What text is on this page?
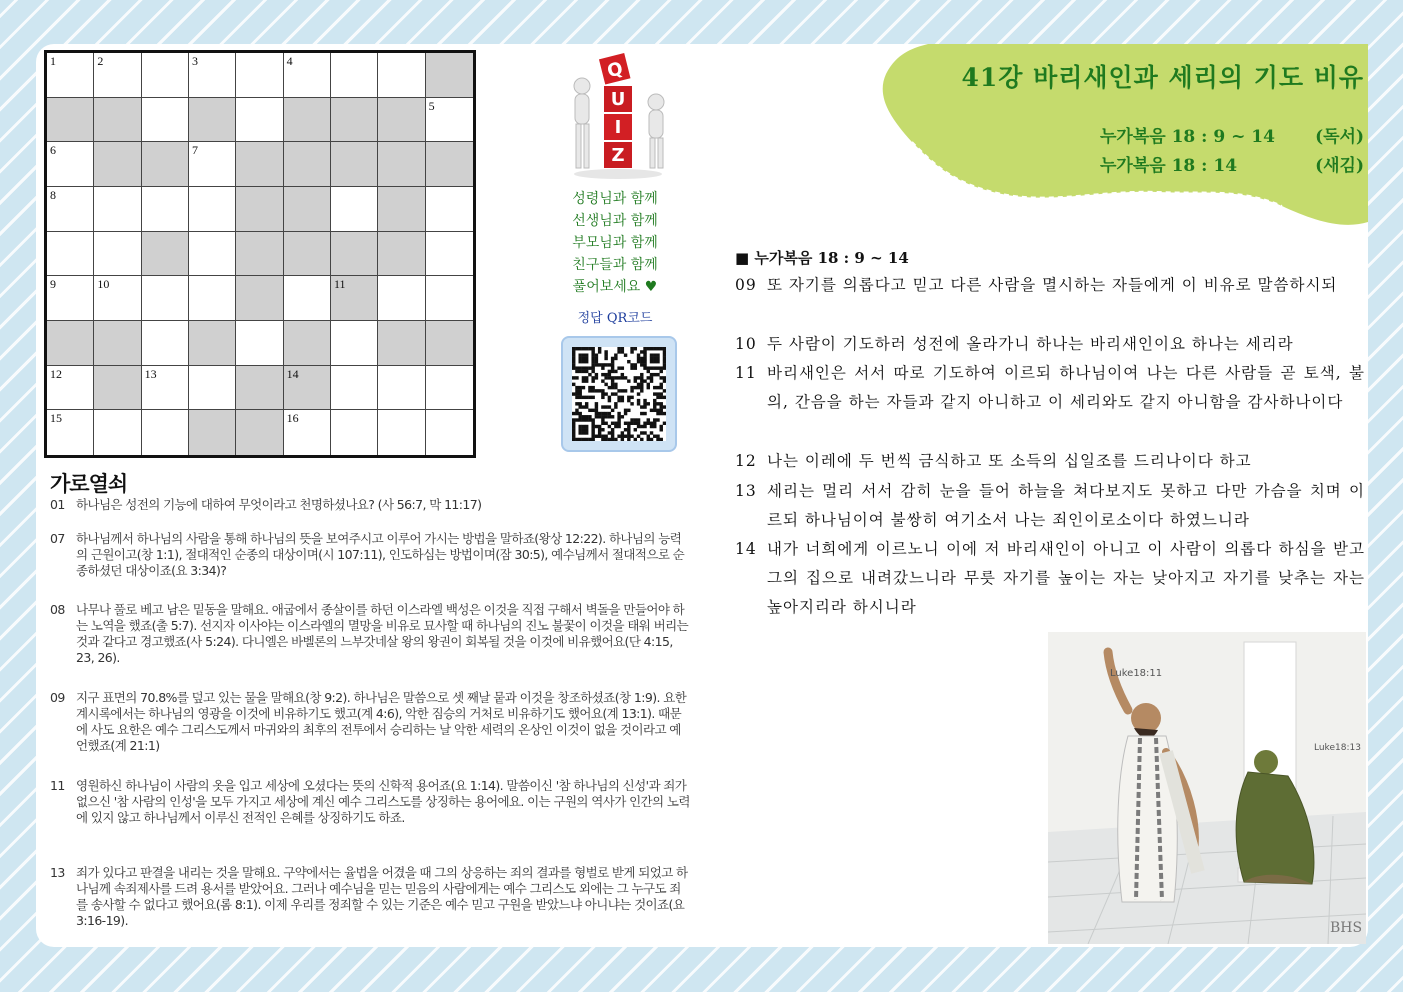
1	2	3	4
5
6	7
8
9	10	11
12	13	14
15	16
Q
U
I
Z
성령님과 함께
선생님과 함께
부모님과 함께
친구들과 함께
풀어보세요 ♥
정답 QR코드
가로열쇠
01 하나님은 성전의 기능에 대하여 무엇이라고 천명하셨나요? (사 56:7, 막 11:17)
07 하나님께서 하나님의 사람을 통해 하나님의 뜻을 보여주시고 이루어 가시는 방법을 말하죠(왕상 12:22). 하나님의 능력의 근원이고(창 1:1), 절대적인 순종의 대상이며(시 107:11), 인도하심는 방법이며(잠 30:5), 예수님께서 절대적으로 순종하셨던 대상이죠(요 3:34)?
08 나무나 풀로 베고 남은 밑동을 말해요. 애굽에서 종살이를 하던 이스라엘 백성은 이것을 직접 구해서 벽돌을 만들어야 하는 노역을 했죠(출 5:7). 선지자 이사야는 이스라엘의 멸망을 비유로 묘사할 때 하나님의 진노 불꽃이 이것을 태워 버리는 것과 같다고 경고했죠(사 5:24). 다니엘은 바벨론의 느부갓네살 왕의 왕권이 회복될 것을 이것에 비유했어요(단 4:15, 23, 26).
09 지구 표면의 70.8%를 덮고 있는 물을 말해요(창 9:2). 하나님은 말씀으로 셋 째날 뭍과 이것을 창조하셨죠(창 1:9). 요한계시록에서는 하나님의 영광을 이것에 비유하기도 했고(계 4:6), 악한 짐승의 거처로 비유하기도 했어요(계 13:1). 때문에 사도 요한은 예수 그리스도께서 마귀와의 최후의 전투에서 승리하는 날 악한 세력의 온상인 이것이 없을 것이라고 예언했죠(계 21:1)
11 영원하신 하나님이 사람의 옷을 입고 세상에 오셨다는 뜻의 신학적 용어죠(요 1:14). 말씀이신 '참 하나님의 신성'과 죄가 없으신 '참 사람의 인성'을 모두 가지고 세상에 계신 예수 그리스도를 상징하는 용어에요. 이는 구원의 역사가 인간의 노력에 있지 않고 하나님께서 이루신 전적인 은혜를 상징하기도 하죠.
13 죄가 있다고 판결을 내리는 것을 말해요. 구약에서는 율법을 어겼을 때 그의 상응하는 죄의 결과를 형벌로 받게 되었고 하나님께 속죄제사를 드려 용서를 받았어요. 그러나 예수님을 믿는 믿음의 사람에게는 예수 그리스도 외에는 그 누구도 죄를 송사할 수 없다고 했어요(롬 8:1). 이제 우리를 정죄할 수 있는 기준은 예수 믿고 구원을 받았느냐 아니냐는 것이죠(요 3:16-19).
41강 바리새인과 세리의 기도 비유
누가복음 18 : 9 ~ 14 (독서)
누가복음 18 : 14	(새김)
■ 누가복음 18 : 9 ~ 14
09 또 자기를 의롭다고 믿고 다른 사람을 멸시하는 자들에게 이 비유로 말씀하시되
10 두 사람이 기도하러 성전에 올라가니 하나는 바리새인이요 하나는 세리라
11 바리새인은 서서 따로 기도하여 이르되 하나님이여 나는 다른 사람들 곧 토색, 불의, 간음을 하는 자들과 같지 아니하고 이 세리와도 같지 아니함을 감사하나이다
12 나는 이레에 두 번씩 금식하고 또 소득의 십일조를 드리나이다 하고
13 세리는 멀리 서서 감히 눈을 들어 하늘을 쳐다보지도 못하고 다만 가슴을 치며 이르되 하나님이여 불쌍히 여기소서 나는 죄인이로소이다 하였느니라
14 내가 너희에게 이르노니 이에 저 바리새인이 아니고 이 사람이 의롭다 하심을 받고 그의 집으로 내려갔느니라 무릇 자기를 높이는 자는 낮아지고 자기를 낮추는 자는 높아지리라 하시니라
Luke18:11
Luke18:13
BHS
